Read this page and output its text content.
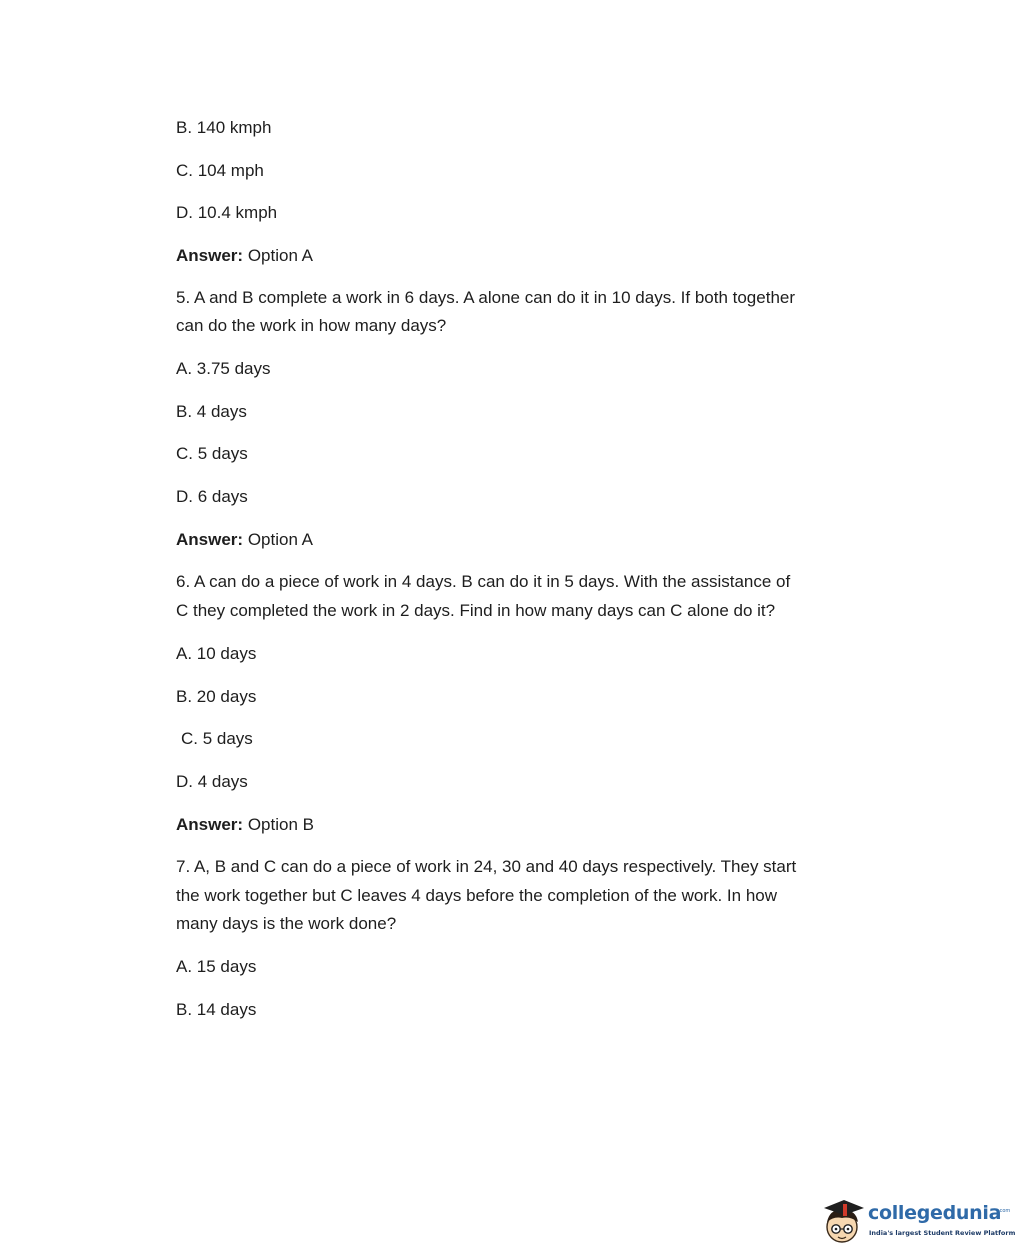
B. 140 kmph

C. 104 mph

D. 10.4 kmph

Answer: Option A

5. A and B complete a work in 6 days. A alone can do it in 10 days. If both together

can do the work in how many days?

A. 3.75 days

B. 4 days

C. 5 days

D. 6 days

Answer: Option A

6. A can do a piece of work in 4 days. B can do it in 5 days. With the assistance of

C they completed the work in 2 days. Find in how many days can C alone do it?

A. 10 days

B. 20 days

C. 5 days

D. 4 days

Answer: Option B

7. A, B and C can do a piece of work in 24, 30 and 40 days respectively. They start

the work together but C leaves 4 days before the completion of the work. In how

many days is the work done?

A. 15 days

B. 14 days

collegedunia
.com
India's largest Student Review Platform
